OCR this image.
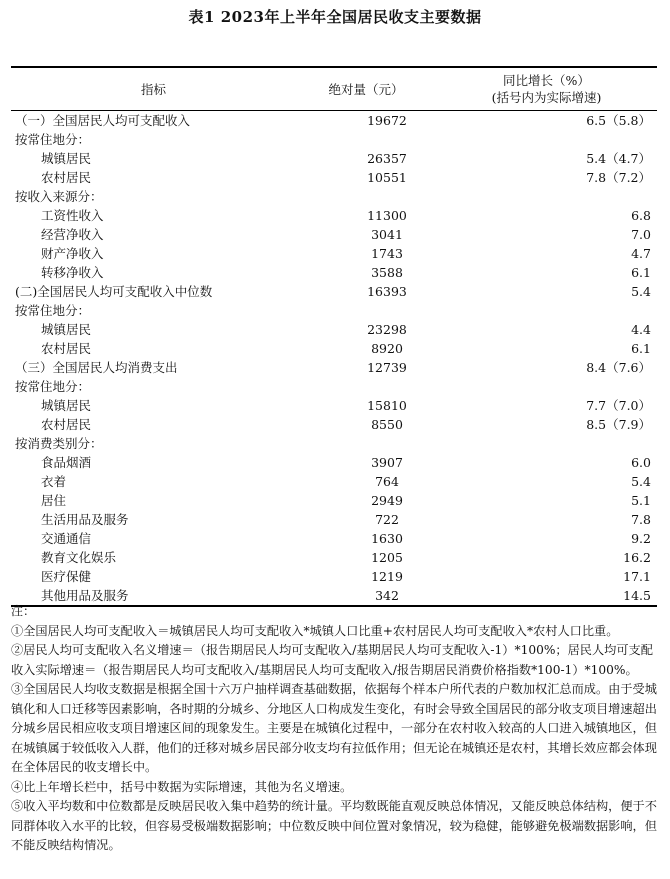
表1 2023年上半年全国居民收支主要数据
指标	绝对量（元）	同比增长（%）
(括号内为实际增速)

（一）全国居民人均可支配收入	19672	6.5（5.8）
按常住地分：		
城镇居民	26357	5.4（4.7）
农村居民	10551	7.8（7.2）
按收入来源分：		
工资性收入	11300	6.8
经营净收入	3041	7.0
财产净收入	1743	4.7
转移净收入	3588	6.1
(二)全国居民人均可支配收入中位数	16393	5.4
按常住地分：		
城镇居民	23298	4.4
农村居民	8920	6.1
（三）全国居民人均消费支出	12739	8.4（7.6）
按常住地分：		
城镇居民	15810	7.7（7.0）
农村居民	8550	8.5（7.9）
按消费类别分：		
食品烟酒	3907	6.0
衣着	764	5.4
居住	2949	5.1
生活用品及服务	722	7.8
交通通信	1630	9.2
教育文化娱乐	1205	16.2
医疗保健	1219	17.1
其他用品及服务	342	14.5

注：

①全国居民人均可支配收入＝城镇居民人均可支配收入*城镇人口比重+农村居民人均可支配收入*农村人口比重。

②居民人均可支配收入名义增速＝（报告期居民人均可支配收入/基期居民人均可支配收入-1）*100%；居民人均可支配收入实际增速＝（报告期居民人均可支配收入/基期居民人均可支配收入/报告期居民消费价格指数*100-1）*100%。

③全国居民人均收支数据是根据全国十六万户抽样调查基础数据，依据每个样本户所代表的户数加权汇总而成。由于受城镇化和人口迁移等因素影响，各时期的分城乡、分地区人口构成发生变化，有时会导致全国居民的部分收支项目增速超出分城乡居民相应收支项目增速区间的现象发生。主要是在城镇化过程中，一部分在农村收入较高的人口进入城镇地区，但在城镇属于较低收入人群，他们的迁移对城乡居民部分收支均有拉低作用；但无论在城镇还是农村，其增长效应都会体现在全体居民的收支增长中。

④比上年增长栏中，括号中数据为实际增速，其他为名义增速。

⑤收入平均数和中位数都是反映居民收入集中趋势的统计量。平均数既能直观反映总体情况，又能反映总体结构，便于不同群体收入水平的比较，但容易受极端数据影响；中位数反映中间位置对象情况，较为稳健，能够避免极端数据影响，但不能反映结构情况。
